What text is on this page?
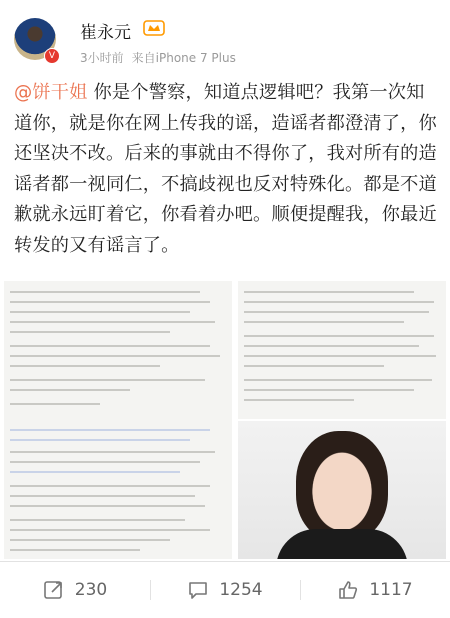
V
崔永元
3小时前 来自iPhone 7 Plus
@饼干姐 你是个警察，知道点逻辑吧？我第一次知道你，就是你在网上传我的谣，造谣者都澄清了，你还坚决不改。后来的事就由不得你了，我对所有的造谣者都一视同仁，不搞歧视也反对特殊化。都是不道歉就永远盯着它，你看着办吧。顺便提醒我，你最近转发的又有谣言了。
230	1254	1117
